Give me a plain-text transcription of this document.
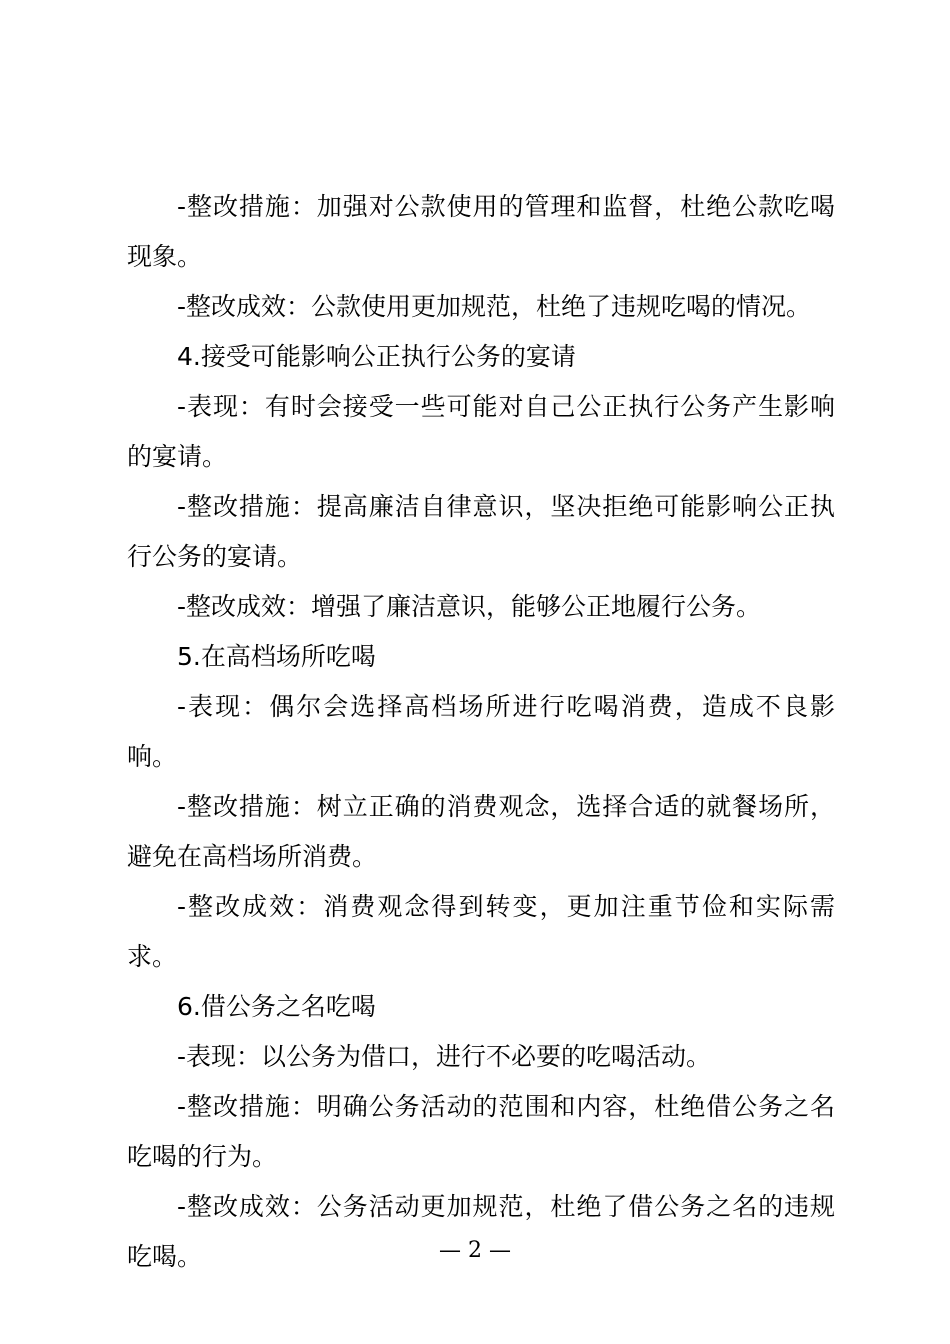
-整改措施：加强对公款使用的管理和监督，杜绝公款吃喝现象。

-整改成效：公款使用更加规范，杜绝了违规吃喝的情况。

4.接受可能影响公正执行公务的宴请

-表现：有时会接受一些可能对自己公正执行公务产生影响的宴请。

-整改措施：提高廉洁自律意识，坚决拒绝可能影响公正执行公务的宴请。

-整改成效：增强了廉洁意识，能够公正地履行公务。

5.在高档场所吃喝

-表现：偶尔会选择高档场所进行吃喝消费，造成不良影响。

-整改措施：树立正确的消费观念，选择合适的就餐场所，避免在高档场所消费。

-整改成效：消费观念得到转变，更加注重节俭和实际需求。

6.借公务之名吃喝

-表现：以公务为借口，进行不必要的吃喝活动。

-整改措施：明确公务活动的范围和内容，杜绝借公务之名吃喝的行为。

-整改成效：公务活动更加规范，杜绝了借公务之名的违规吃喝。	— 2 —
